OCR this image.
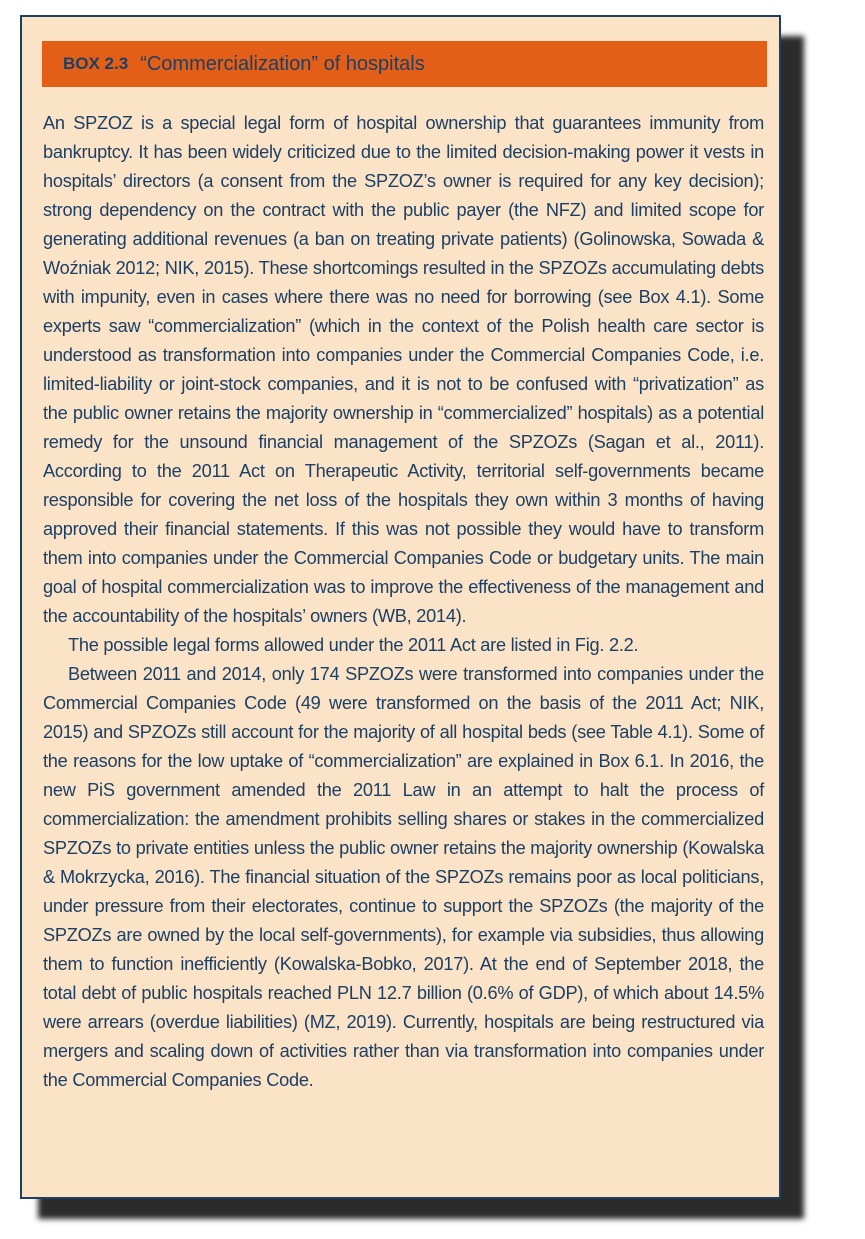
BOX 2.3 “Commercialization” of hospitals

An SPZOZ is a special legal form of hospital ownership that guarantees immunity from bankruptcy. It has been widely criticized due to the limited decision-making power it vests in hospitals’ directors (a consent from the SPZOZ’s owner is required for any key decision); strong dependency on the contract with the public payer (the NFZ) and limited scope for generating additional revenues (a ban on treating private patients) (Golinowska, Sowada & Woźniak 2012; NIK, 2015). These shortcomings resulted in the SPZOZs accumulating debts with impunity, even in cases where there was no need for borrowing (see Box 4.1). Some experts saw “commercialization” (which in the context of the Polish health care sector is understood as transformation into companies under the Commercial Companies Code, i.e. limited-liability or joint-stock companies, and it is not to be confused with “privatization” as the public owner retains the majority ownership in “commercialized” hospitals) as a potential remedy for the unsound financial management of the SPZOZs (Sagan et al., 2011). According to the 2011 Act on Therapeutic Activity, territorial self-governments became responsible for covering the net loss of the hospitals they own within 3 months of having approved their financial statements. If this was not possible they would have to transform them into companies under the Commercial Companies Code or budgetary units. The main goal of hospital commercialization was to improve the effectiveness of the management and the accountability of the hospitals’ owners (WB, 2014).

The possible legal forms allowed under the 2011 Act are listed in Fig. 2.2.

Between 2011 and 2014, only 174 SPZOZs were transformed into companies under the Commercial Companies Code (49 were transformed on the basis of the 2011 Act; NIK, 2015) and SPZOZs still account for the majority of all hospital beds (see Table 4.1). Some of the reasons for the low uptake of “commercialization” are explained in Box 6.1. In 2016, the new PiS government amended the 2011 Law in an attempt to halt the process of commercialization: the amendment prohibits selling shares or stakes in the commercialized SPZOZs to private entities unless the public owner retains the majority ownership (Kowalska & Mokrzycka, 2016). The financial situation of the SPZOZs remains poor as local politicians, under pressure from their electorates, continue to support the SPZOZs (the majority of the SPZOZs are owned by the local self-governments), for example via subsidies, thus allowing them to function inefficiently (Kowalska-Bobko, 2017). At the end of September 2018, the total debt of public hospitals reached PLN 12.7 billion (0.6% of GDP), of which about 14.5% were arrears (overdue liabilities) (MZ, 2019). Currently, hospitals are being restructured via mergers and scaling down of activities rather than via transformation into companies under the Commercial Companies Code.
